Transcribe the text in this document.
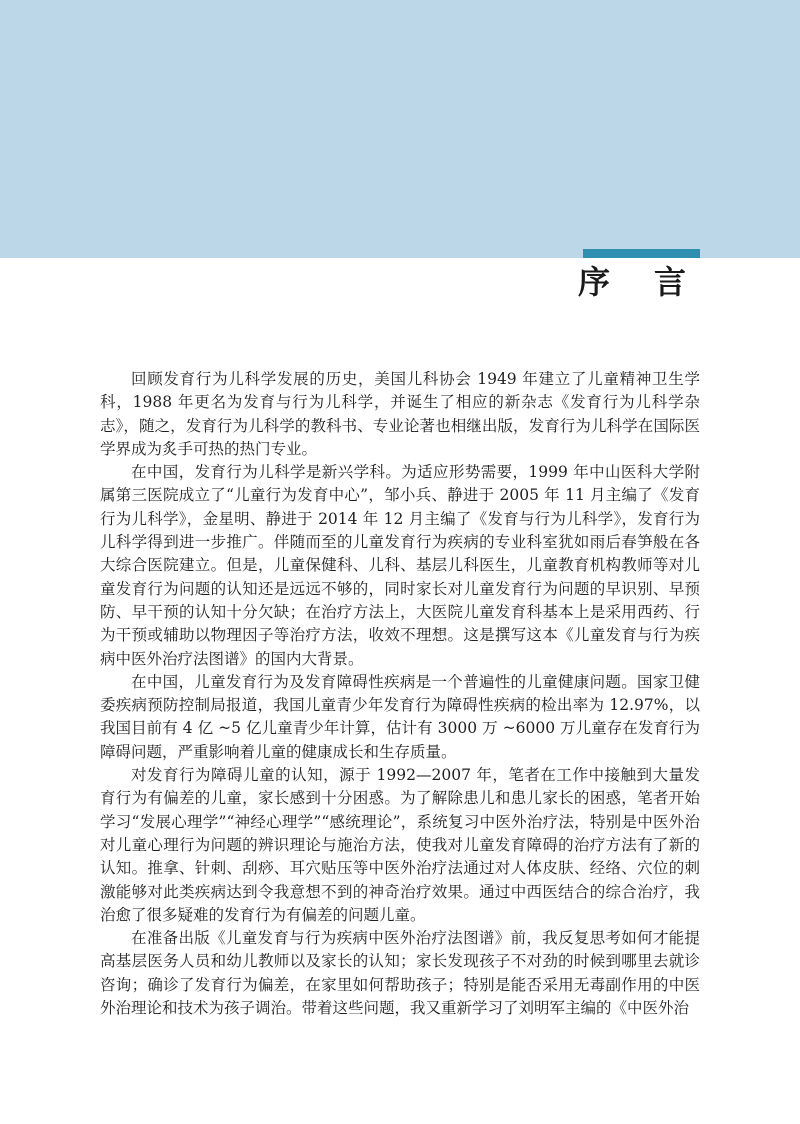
序言

回顾发育行为儿科学发展的历史，美国儿科协会 1949 年建立了儿童精神卫生学科，1988 年更名为发育与行为儿科学，并诞生了相应的新杂志《发育行为儿科学杂志》，随之，发育行为儿科学的教科书、专业论著也相继出版，发育行为儿科学在国际医学界成为炙手可热的热门专业。

在中国，发育行为儿科学是新兴学科。为适应形势需要，1999 年中山医科大学附属第三医院成立了“儿童行为发育中心”，邹小兵、静进于 2005 年 11 月主编了《发育行为儿科学》，金星明、静进于 2014 年 12 月主编了《发育与行为儿科学》，发育行为儿科学得到进一步推广。伴随而至的儿童发育行为疾病的专业科室犹如雨后春笋般在各大综合医院建立。但是，儿童保健科、儿科、基层儿科医生，儿童教育机构教师等对儿童发育行为问题的认知还是远远不够的，同时家长对儿童发育行为问题的早识别、早预防、早干预的认知十分欠缺；在治疗方法上，大医院儿童发育科基本上是采用西药、行为干预或辅助以物理因子等治疗方法，收效不理想。这是撰写这本《儿童发育与行为疾病中医外治疗法图谱》的国内大背景。

在中国，儿童发育行为及发育障碍性疾病是一个普遍性的儿童健康问题。国家卫健委疾病预防控制局报道，我国儿童青少年发育行为障碍性疾病的检出率为 12.97%，以我国目前有 4 亿 ~5 亿儿童青少年计算，估计有 3000 万 ~6000 万儿童存在发育行为障碍问题，严重影响着儿童的健康成长和生存质量。

对发育行为障碍儿童的认知，源于 1992—2007 年，笔者在工作中接触到大量发育行为有偏差的儿童，家长感到十分困惑。为了解除患儿和患儿家长的困惑，笔者开始学习“发展心理学”“神经心理学”“感统理论”，系统复习中医外治疗法，特别是中医外治对儿童心理行为问题的辨识理论与施治方法，使我对儿童发育障碍的治疗方法有了新的认知。推拿、针刺、刮痧、耳穴贴压等中医外治疗法通过对人体皮肤、经络、穴位的刺激能够对此类疾病达到令我意想不到的神奇治疗效果。通过中西医结合的综合治疗，我治愈了很多疑难的发育行为有偏差的问题儿童。

在准备出版《儿童发育与行为疾病中医外治疗法图谱》前，我反复思考如何才能提高基层医务人员和幼儿教师以及家长的认知；家长发现孩子不对劲的时候到哪里去就诊咨询；确诊了发育行为偏差，在家里如何帮助孩子；特别是能否采用无毒副作用的中医外治理论和技术为孩子调治。带着这些问题，我又重新学习了刘明军主编的《中医外治
